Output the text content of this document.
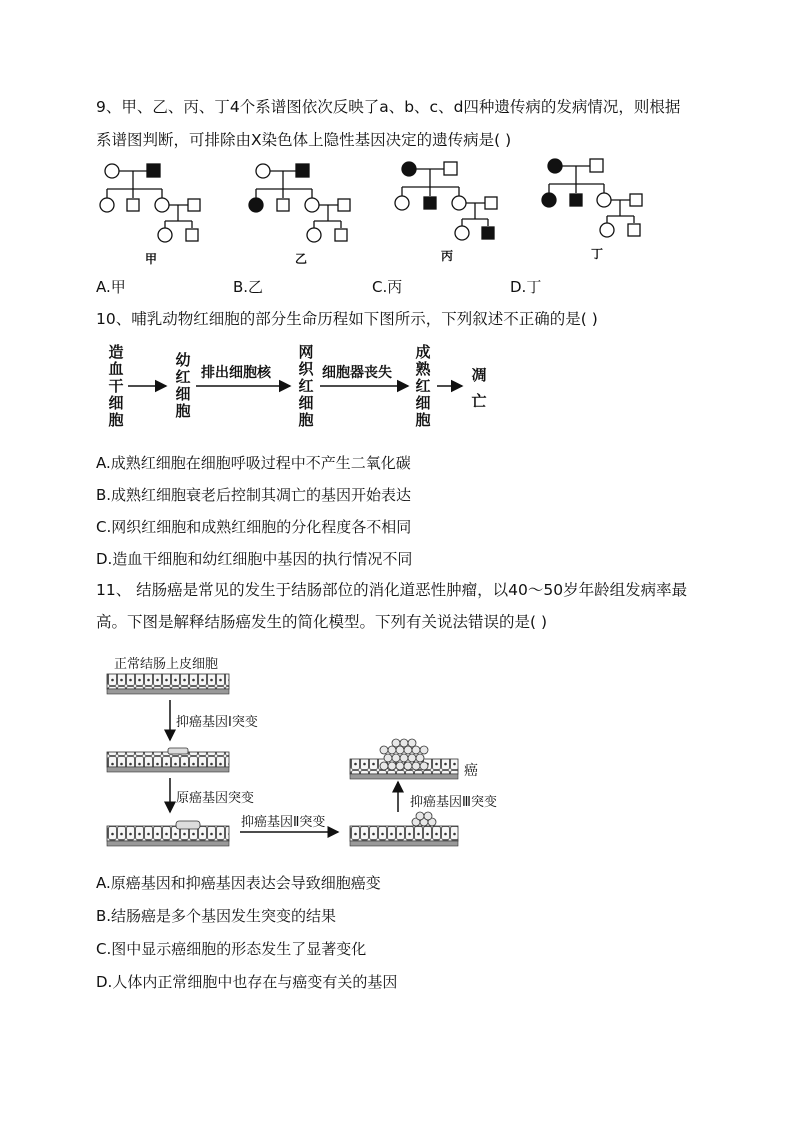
9、甲、乙、丙、丁4个系谱图依次反映了a、b、c、d四种遗传病的发病情况，则根据
系谱图判断，可排除由X染色体上隐性基因决定的遗传病是( )
甲	乙	丙	丁
A.甲	B.乙	C.丙	D.丁
10、哺乳动物红细胞的部分生命历程如下图所示，下列叙述不正确的是( )
造
血
干
细
胞
幼
红
细
胞
网
织
红
细
胞
成
熟
红
细
胞
凋
亡
排出细胞核	细胞器丧失
A.成熟红细胞在细胞呼吸过程中不产生二氧化碳
B.成熟红细胞衰老后控制其凋亡的基因开始表达
C.网织红细胞和成熟红细胞的分化程度各不相同
D.造血干细胞和幼红细胞中基因的执行情况不同
11、 结肠癌是常见的发生于结肠部位的消化道恶性肿瘤，以40～50岁年龄组发病率最
高。下图是解释结肠癌发生的简化模型。下列有关说法错误的是( )
正常结肠上皮细胞
抑癌基因Ⅰ突变
原癌基因突变
抑癌基因Ⅱ突变
抑癌基因Ⅲ突变
癌
A.原癌基因和抑癌基因表达会导致细胞癌变
B.结肠癌是多个基因发生突变的结果
C.图中显示癌细胞的形态发生了显著变化
D.人体内正常细胞中也存在与癌变有关的基因
